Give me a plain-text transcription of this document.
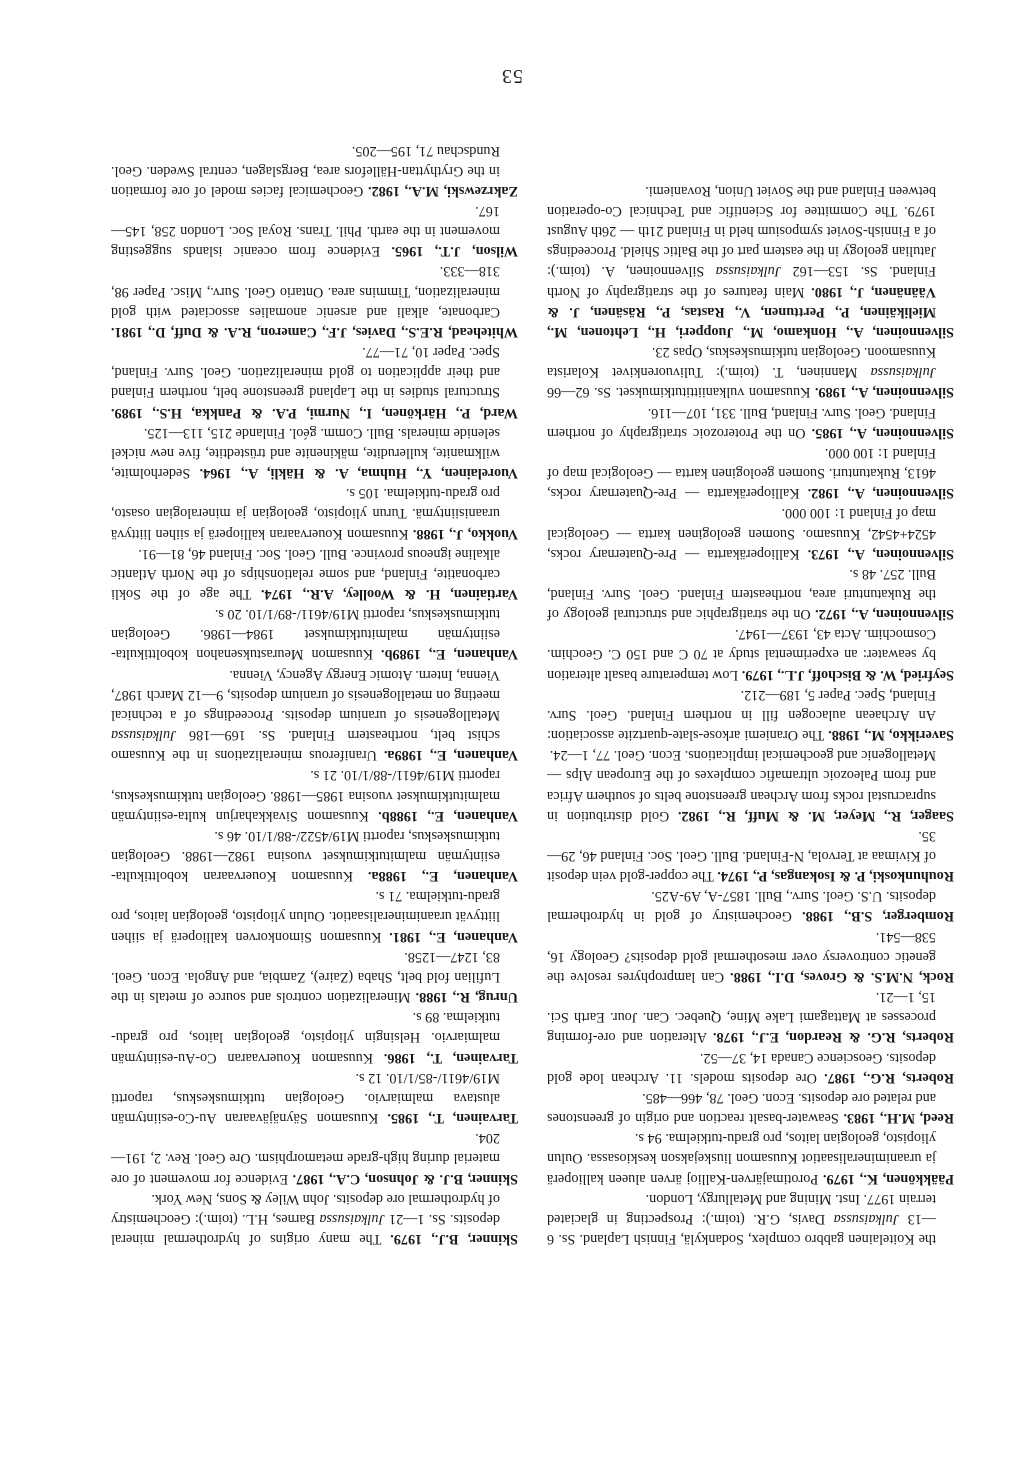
the Koitelainen gabbro complex, Sodankylä, Finnish Lapland. Ss. 6—13 Julkaisussa Davis, G.R. (toim.): Prospecting in glaciated terrain 1977. Inst. Mining and Metallurgy, London.

Pääkkönen, K., 1979. Porotimajärven-Kallioj ärven alueen kallioperä ja uraanimineralisaatiot Kuusamon liuskejakson keskiosassa. Oulun yliopisto, geologian laitos, pro gradu-tutkielma. 94 s.

Reed, M.H., 1983. Seawater-basalt reaction and origin of greenstones and related ore deposits. Econ. Geol. 78, 466—485.

Roberts, R.G., 1987. Ore deposits models. 11. Archean lode gold deposits. Geoscience Canada 14, 37—52.

Roberts, R.G. & Reardon, E.J., 1978. Alteration and ore-forming processes at Mattagami Lake Mine, Quebec. Can. Jour. Earth Sci. 15, 1—21.

Rock, N.M.S. & Groves, D.I., 1988. Can lamprophyres resolve the genetic controversy over mesothermal gold deposits? Geology 16, 538—541.

Romberger, S.B., 1988. Geochemistry of gold in hydrothermal deposits. U.S. Geol. Surv., Bull. 1857-A, A9-A25.

Rouhunkoski, P. & Isokangas, P., 1974. The copper-gold vein deposit of Kivimaa at Tervola, N-Finland. Bull. Geol. Soc. Finland 46, 29—35.

Saager, R., Meyer, M. & Muff, R., 1982. Gold distribution in supracrustal rocks from Archean greenstone belts of southern Africa and from Paleozoic ultramafic complexes of the European Alps — Metallogenic and geochemical implications. Econ. Geol. 77, 1—24.

Saverikko, M., 1988. The Oraniemi arkose-slate-quartzite association: An Archaean aulacogen fill in northern Finland. Geol. Surv. Finland, Spec. Paper 5, 189—212.

Seyfried, W. & Bischoff, J.L., 1979. Low temperature basalt alteration by seawater: an experimental study at 70 C and 150 C. Geochim. Cosmochim. Acta 43, 1937—1947.

Silvennoinen, A., 1972. On the stratigraphic and structural geology of the Rukatunturi area, northeastern Finland. Geol. Surv. Finland, Bull. 257. 48 s.

Silvennoinen, A., 1973. Kallioperäkartta — Pre-Quaternary rocks, 4524+4542, Kuusamo. Suomen geologinen kartta — Geological map of Finland 1: 100 000.

Silvennoinen, A., 1982. Kallioperäkartta — Pre-Quaternary rocks, 4613, Rukatunturi. Suomen geologinen kartta — Geological map of Finland 1: 100 000.

Silvennoinen, A., 1985. On the Proterozoic stratigraphy of northern Finland. Geol. Surv. Finland, Bull. 331, 107—116.

Silvennoinen, A., 1989. Kuusamon vulkaniittitutkimukset. Ss. 62—66 Julkaisussa Manninen, T. (toim.): Tulivuorenkivet Kolarista Kuusamoon. Geologian tutkimuskeskus, Opas 23.

Silvennoinen, A., Honkamo, M., Juopperi, H., Lehtonen, M., Mielikäinen, P., Perttunen, V., Rastas, P., Räsänen, J. & Väänänen, J., 1980. Main features of the stratigraphy of North Finland. Ss. 153—162 Julkaisussa Silvennoinen, A. (toim.): Jatulian geology in the eastern part of the Baltic Shield. Proceedings of a Finnish-Soviet symposium held in Finland 21th — 26th August 1979. The Committee for Scientific and Technical Co-operation between Finland and the Soviet Union, Rovaniemi.

Skinner, B.J., 1979. The many origins of hydrothermal mineral deposits. Ss. 1—21 Julkaisussa Barnes, H.L. (toim.): Geochemistry of hydrothermal ore deposits. John Wiley & Sons, New York.

Skinner, B.J. & Johnson, C.A., 1987. Evidence for movement of ore material during high-grade metamorphism. Ore Geol. Rev. 2, 191—204.

Tarvainen, T., 1985. Kuusamon Säynäjävaaran Au-Co-esiintymän alustava malmiarvio. Geologian tutkimuskeskus, raportti M19/4611/-85/1/10. 12 s.

Tarvainen, T., 1986. Kuusamon Kouervaaran Co-Au-esiintymän malmiarvio. Helsingin yliopisto, geologian laitos, pro gradu-tutkielma. 89 s.

Unrug, R., 1988. Mineralization controls and source of metals in the Lufilian fold belt, Shaba (Zaire), Zambia, and Angola. Econ. Geol. 83, 1247—1258.

Vanhanen, E., 1981. Kuusamon Simonkorven kallioperä ja siihen liittyvät uraanimineralisaatiot. Oulun yliopisto, geologian laitos, pro gradu-tutkielma. 71 s.

Vanhanen, E., 1988a. Kuusamon Kouervaaran kobolttikulta-esiintymän malmitutkimukset vuosina 1982—1988. Geologian tutkimuskeskus, raportti M19/4522/-88/1/10. 46 s.

Vanhanen, E., 1988b. Kuusamon Sivakkaharjun kulta-esiintymän malmitutkimukset vuosina 1985—1988. Geologian tutkimuskeskus, raportti M19/4611/-88/1/10. 21 s.

Vanhanen, E., 1989a. Uraniferous mineralizations in the Kuusamo schist belt, northeastern Finland. Ss. 169—186 Julkaisussa Metallogenesis of uranium deposits. Proceedings of a technical meeting on metallogenesis of uranium deposits, 9—12 March 1987, Vienna, Intern. Atomic Energy Agency, Vienna.

Vanhanen, E., 1989b. Kuusamon Meurastuksenahon kobolttikulta-esiintymän malmitutkimukset 1984—1986. Geologian tutkimuskeskus, raportti M19/4611/-89/1/10. 20 s.

Vartiainen, H. & Woolley, A.R., 1974. The age of the Sokli carbonatite, Finland, and some relationships of the North Atlantic alkaline igneous province. Bull. Geol. Soc. Finland 46, 81—91.

Vuokko, J., 1988. Kuusamon Kouervaaran kallioperä ja siihen liittyvä uraanisiintymä. Turun yliopisto, geologian ja mineralogian osasto, pro gradu-tutkielma. 105 s.

Vuorelainen, Y., Huhma, A. & Häkli, A., 1964. Sederholmite, wilkmanite, kullerudite, mäkinenite and trüstedtite, five new nickel selenide minerals. Bull. Comm. géol. Finlande 215, 113—125.

Ward, P., Härkönen, I., Nurmi, P.A. & Pankka, H.S., 1989. Structural studies in the Lapland greenstone belt, northern Finland and their application to gold mineralization. Geol. Surv. Finland, Spec. Paper 10, 71—77.

Whitehead, R.E.S., Davies, J.F., Cameron, R.A. & Duff, D., 1981. Carbonate, alkali and arsenic anomalies associated with gold mineralization, Timmins area. Ontario Geol. Surv., Misc. Paper 98, 318—333.

Wilson, J.T., 1965. Evidence from oceanic islands suggesting movement in the earth. Phil. Trans. Royal Soc. London 258, 145—167.

Zakrzewski, M.A., 1982. Geochemical facies model of ore formation in the Grythyttan-Hällefors area, Bergslagen, central Sweden. Geol. Rundschau 71, 195—205.

53
